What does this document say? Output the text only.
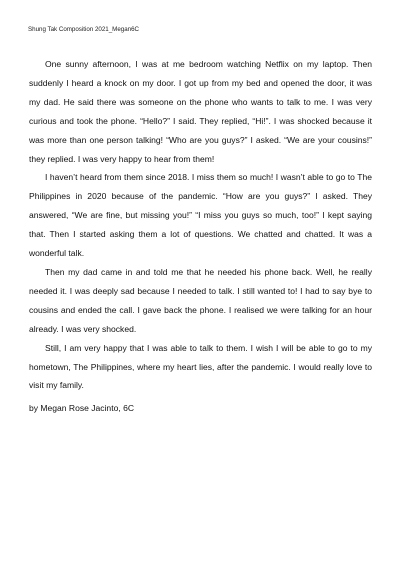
Shung Tak Composition 2021_Megan6C

One sunny afternoon, I was at me bedroom watching Netflix on my laptop. Then suddenly I heard a knock on my door. I got up from my bed and opened the door, it was my dad. He said there was someone on the phone who wants to talk to me. I was very curious and took the phone. “Hello?” I said. They replied, “Hi!”. I was shocked because it was more than one person talking! “Who are you guys?” I asked. “We are your cousins!” they replied. I was very happy to hear from them!

I haven’t heard from them since 2018. I miss them so much! I wasn’t able to go to The Philippines in 2020 because of the pandemic. “How are you guys?” I asked. They answered, “We are fine, but missing you!” “I miss you guys so much, too!” I kept saying that. Then I started asking them a lot of questions. We chatted and chatted. It was a wonderful talk.

Then my dad came in and told me that he needed his phone back. Well, he really needed it. I was deeply sad because I needed to talk. I still wanted to! I had to say bye to cousins and ended the call. I gave back the phone. I realised we were talking for an hour already. I was very shocked.

Still, I am very happy that I was able to talk to them. I wish I will be able to go to my hometown, The Philippines, where my heart lies, after the pandemic. I would really love to visit my family.

by Megan Rose Jacinto, 6C
